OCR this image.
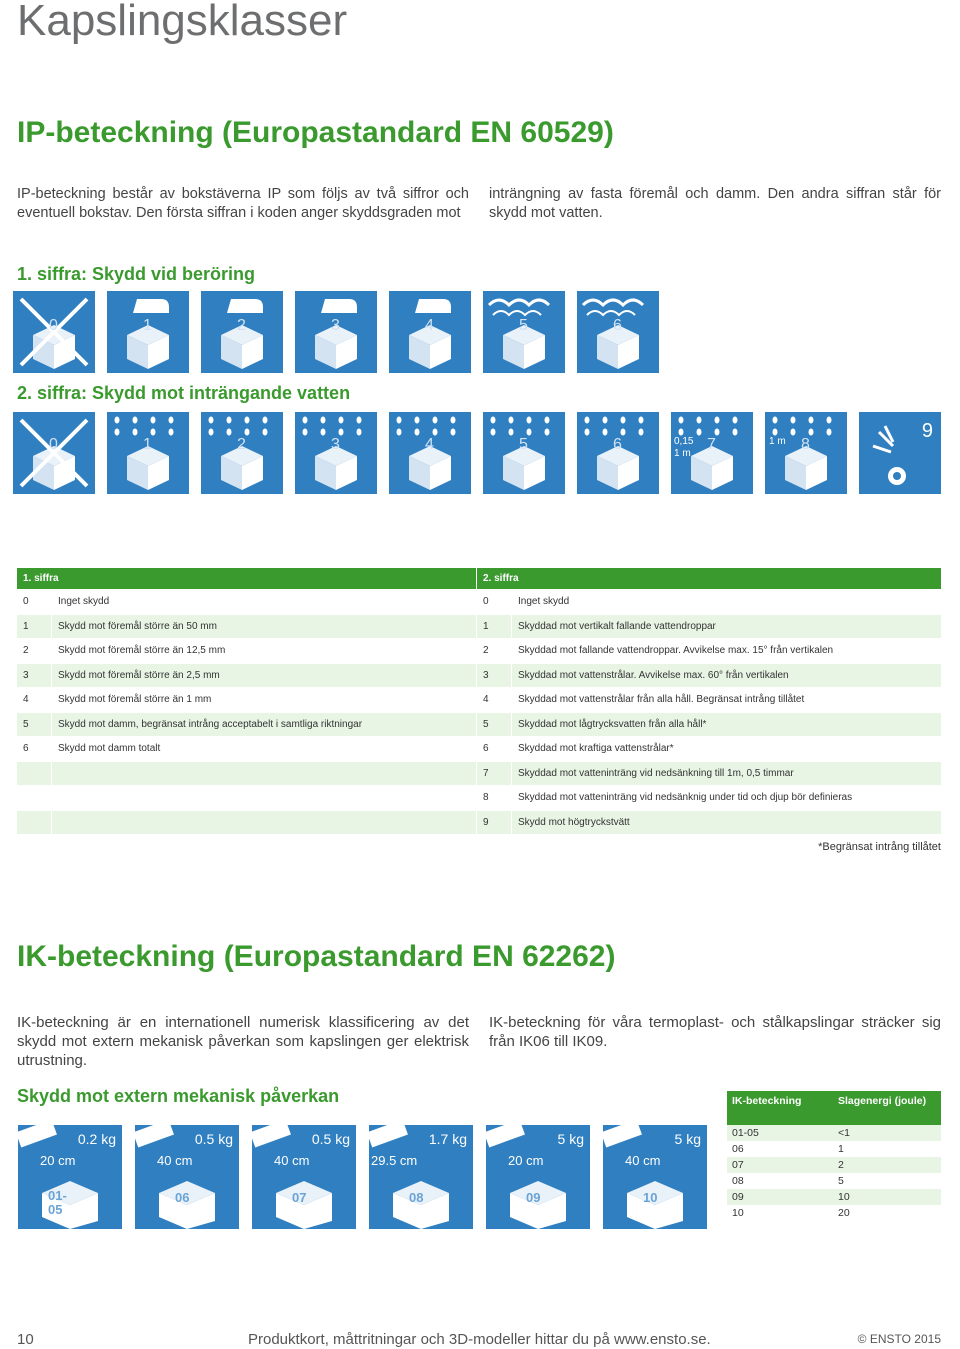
Kapslingsklasser
IP-beteckning (Europastandard EN 60529)

IP-beteckning består av bokstäverna IP som följs av två siffror och eventuell bokstav. Den första siffran i koden anger skyddsgraden mot

inträngning av fasta föremål och damm. Den andra siffran står för skydd mot vatten.

1. siffra: Skydd vid beröring
0	1	2	3	4	5	6
2. siffra: Skydd mot inträngande vatten
0	1	2	3	4	5	6	7
0,15
1 m
8
1 m	9
1. siffra		2. siffra	
0	Inget skydd	0	Inget skydd
1	Skydd mot föremål större än 50 mm	1	Skyddad mot vertikalt fallande vattendroppar
2	Skydd mot föremål större än 12,5 mm	2	Skyddad mot fallande vattendroppar. Avvikelse max. 15° från vertikalen
3	Skydd mot föremål större än 2,5 mm	3	Skyddad mot vattenstrålar. Avvikelse max. 60° från vertikalen
4	Skydd mot föremål större än 1 mm	4	Skyddad mot vattenstrålar från alla håll. Begränsat intrång tillåtet
5	Skydd mot damm, begränsat intrång acceptabelt i samtliga riktningar	5	Skyddad mot lågtrycksvatten från alla håll*
6	Skydd mot damm totalt	6	Skyddad mot kraftiga vattenstrålar*
		7	Skyddad mot vatteninträng vid nedsänkning till 1m, 0,5 timmar
		8	Skyddad mot vatteninträng vid nedsänknig under tid och djup bör definieras
		9	Skydd mot högtryckstvätt
*Begränsat intrång tillåtet
IK-beteckning (Europastandard EN 62262)

IK-beteckning är en internationell numerisk klassificering av det skydd mot extern mekanisk påverkan som kapslingen ger elektrisk utrustning.

IK-beteckning för våra termoplast- och stålkapslingar sträcker sig från IK06 till IK09.

Skydd mot extern mekanisk påverkan
0.2 kg
20 cm
01-
05
0.5 kg
40 cm
06
0.5 kg
40 cm
07
1.7 kg
29.5 cm
08
5 kg
20 cm
09
5 kg
40 cm
10
IK-beteckning	Slagenergi (joule)
01-05	<1
06	1
07	2
08	5
09	10
10	20
10	Produktkort, måttritningar och 3D-modeller hittar du på www.ensto.se.	© ENSTO 2015
